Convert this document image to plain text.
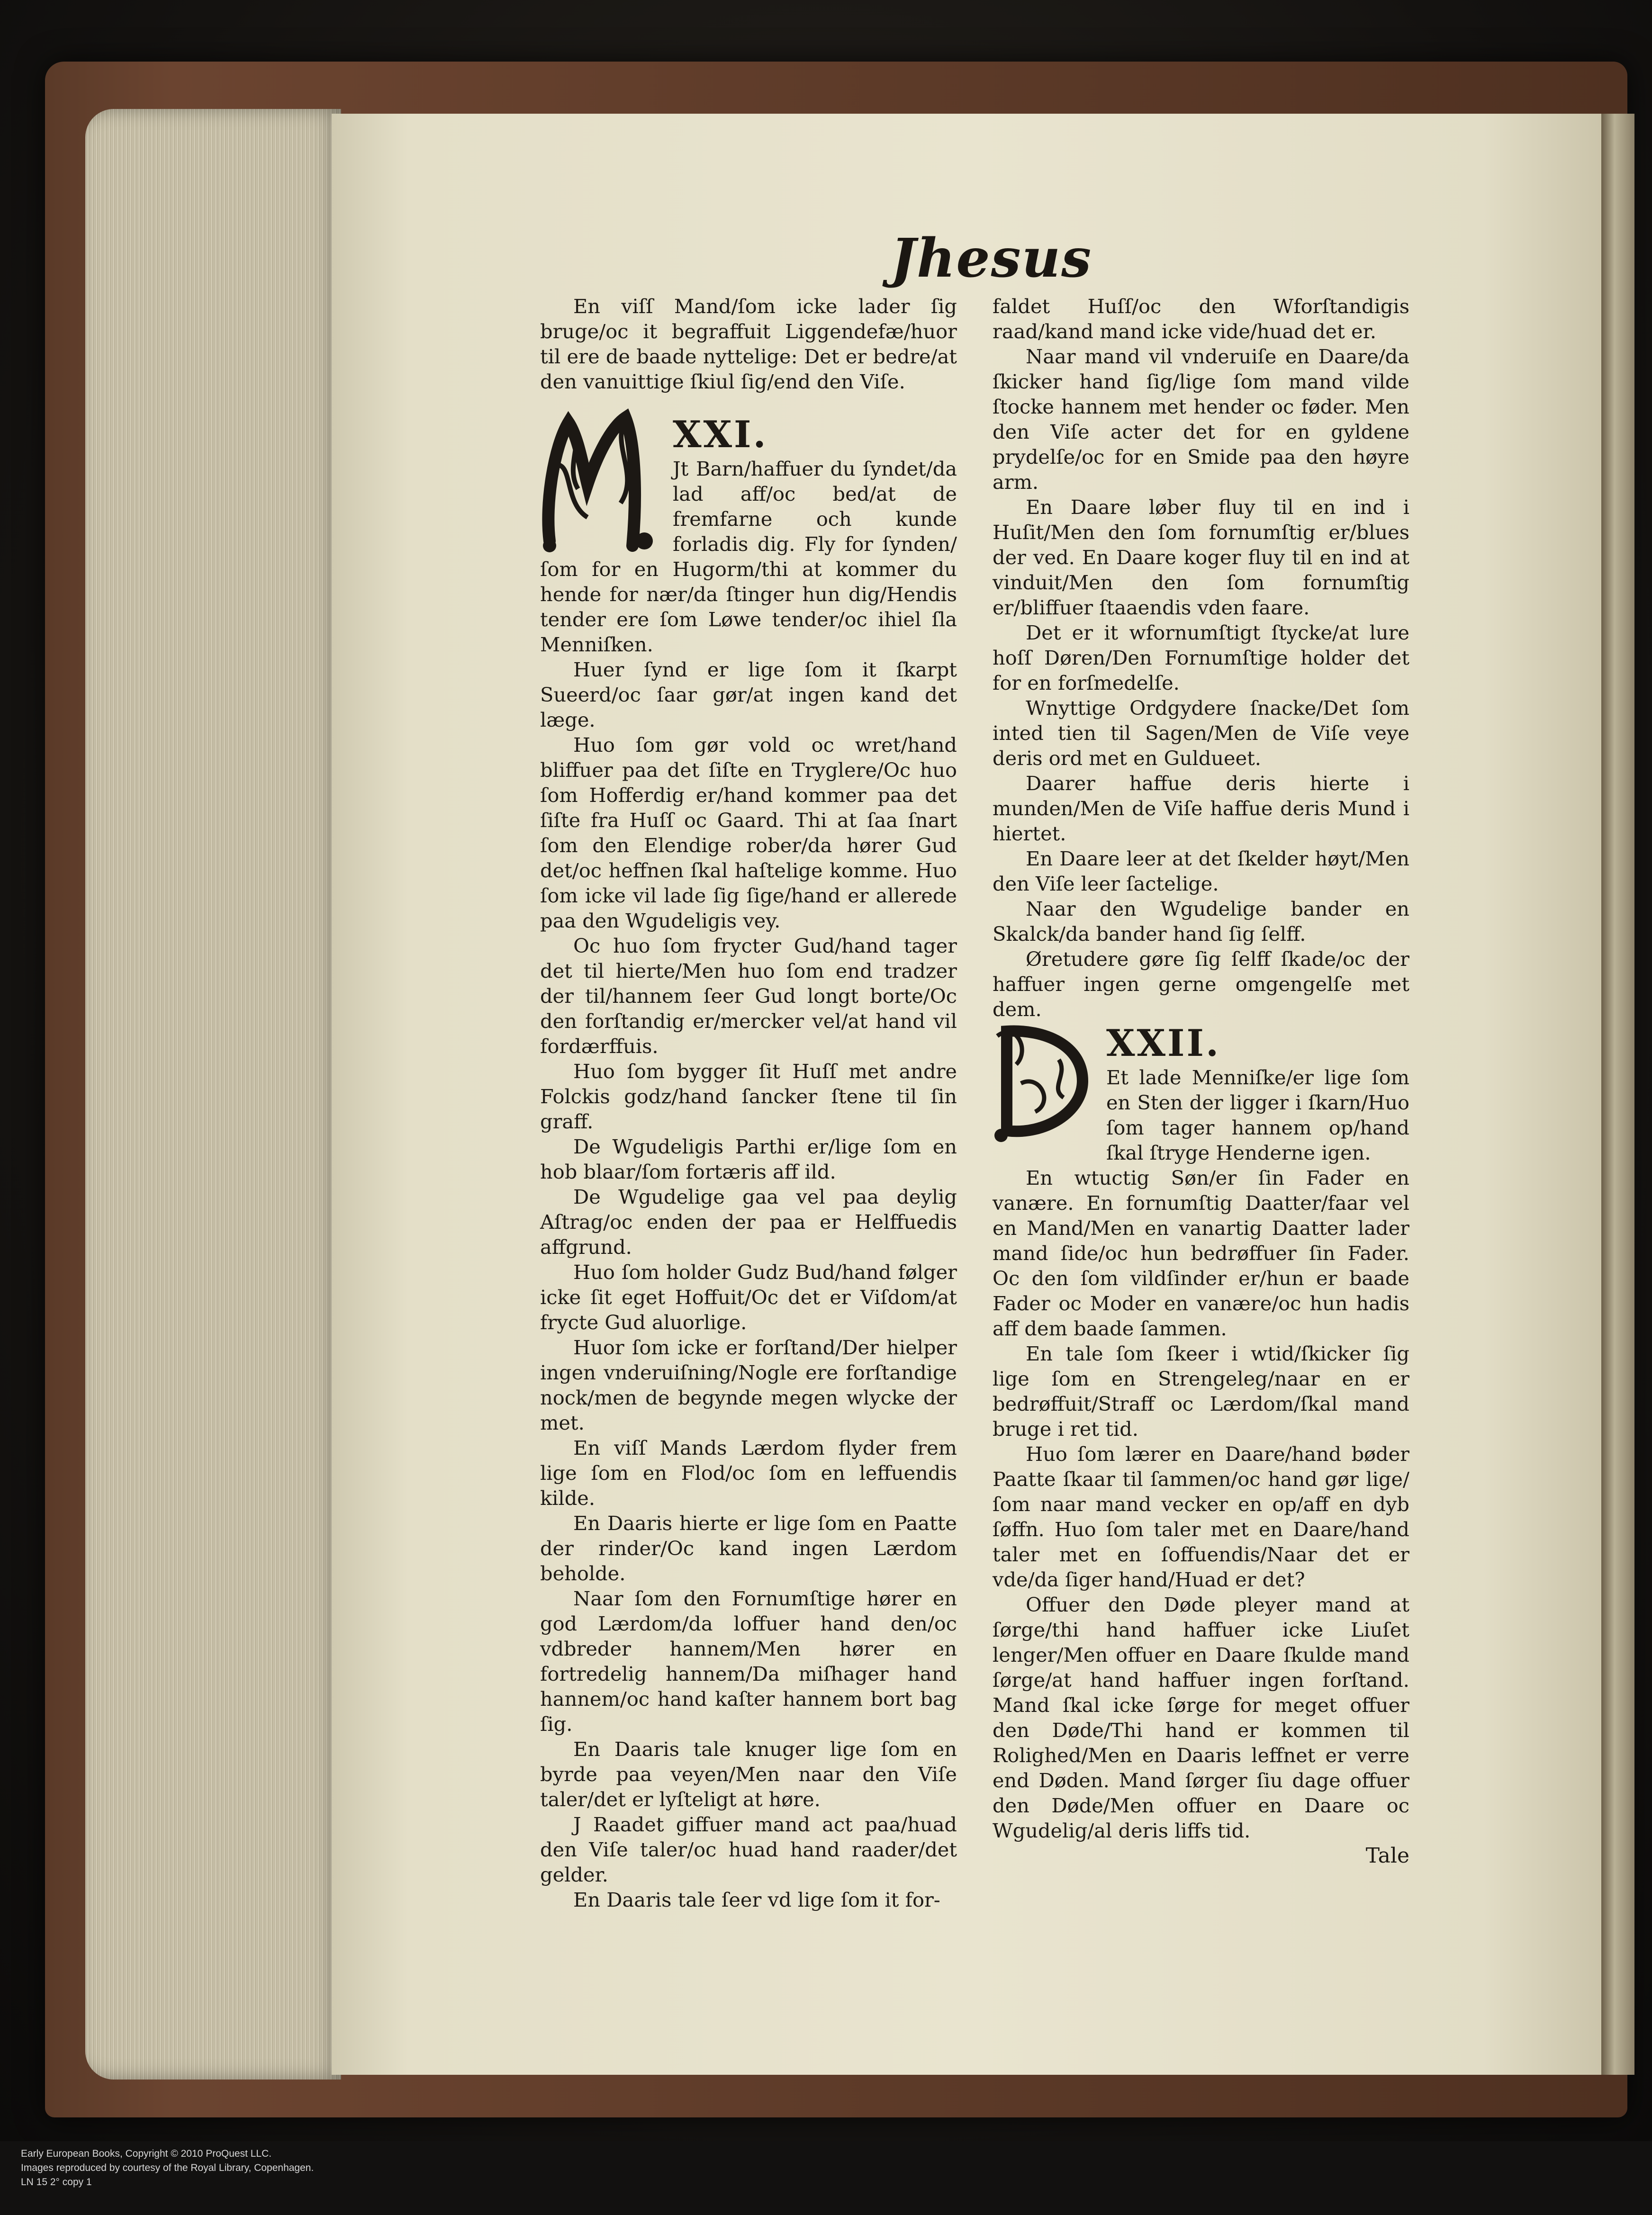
Jhesus

En viſſ Mand/ſom icke lader ſig bruge/oc it begraffuit Liggendefæ/huor til ere de baade nyttelige: Det er bedre/at den vanuittige ſkiul ſig/end den Viſe.

XXI.

Jt Barn/haffuer du ſyndet/da lad aff/oc bed/at de fremfarne och kunde forladis dig. Fly for ſynden/ſom for en Hugorm/thi at kommer du hende for nær/da ſtinger hun dig/Hendis tender ere ſom Løwe tender/oc ihiel ſla Menniſken.

Huer ſynd er lige ſom it ſkarpt Sueerd/oc ſaar gør/at ingen kand det læge.

Huo ſom gør vold oc wret/hand bliffuer paa det ſiſte en Tryglere/Oc huo ſom Hofferdig er/hand kommer paa det ſiſte fra Huſſ oc Gaard. Thi at ſaa ſnart ſom den Elendige rober/da hører Gud det/oc heffnen ſkal haſtelige komme. Huo ſom icke vil lade ſig ſige/hand er allerede paa den Wgudeligis vey.

Oc huo ſom frycter Gud/hand tager det til hierte/Men huo ſom end tradzer der til/hannem ſeer Gud longt borte/Oc den forſtandig er/mercker vel/at hand vil fordærffuis.

Huo ſom bygger ſit Huſſ met andre Folckis godz/hand ſancker ſtene til ſin graff.

De Wgudeligis Parthi er/lige ſom en hob blaar/ſom fortæris aff ild.

De Wgudelige gaa vel paa deylig Aſtrag/oc enden der paa er Helffuedis affgrund.

Huo ſom holder Gudz Bud/hand følger icke ſit eget Hoffuit/Oc det er Viſdom/at frycte Gud aluorlige.

Huor ſom icke er forſtand/Der hielper ingen vnderuiſning/Nogle ere forſtandige nock/men de begynde megen wlycke der met.

En viſſ Mands Lærdom flyder frem lige ſom en Flod/oc ſom en leffuendis kilde.

En Daaris hierte er lige ſom en Paatte der rinder/Oc kand ingen Lærdom beholde.

Naar ſom den Fornumſtige hører en god Lærdom/da loffuer hand den/oc vdbreder hannem/Men hører en fortredelig hannem/Da miſhager hand hannem/oc hand kaſter hannem bort bag ſig.

En Daaris tale knuger lige ſom en byrde paa veyen/Men naar den Viſe taler/det er lyſteligt at høre.

J Raadet giffuer mand act paa/huad den Viſe taler/oc huad hand raader/det gelder.

En Daaris tale ſeer vd lige ſom it for-

faldet Huſſ/oc den Wforſtandigis raad/kand mand icke vide/huad det er.

Naar mand vil vnderuiſe en Daare/da ſkicker hand ſig/lige ſom mand vilde ſtocke hannem met hender oc føder. Men den Viſe acter det for en gyldene prydelſe/oc for en Smide paa den høyre arm.

En Daare løber fluy til en ind i Huſit/Men den ſom fornumſtig er/blues der ved. En Daare koger fluy til en ind at vinduit/Men den ſom fornumſtig er/bliffuer ſtaaendis vden faare.

Det er it wfornumſtigt ſtycke/at lure hoſſ Døren/Den Fornumſtige holder det for en forſmedelſe.

Wnyttige Ordgydere ſnacke/Det ſom inted tien til Sagen/Men de Viſe veye deris ord met en Guldueet.

Daarer haffue deris hierte i munden/Men de Viſe haffue deris Mund i hiertet.

En Daare leer at det ſkelder høyt/Men den Viſe leer ſactelige.

Naar den Wgudelige bander en Skalck/da bander hand ſig ſelff.

Øretudere gøre ſig ſelff ſkade/oc der haffuer ingen gerne omgengelſe met dem.

XXII.

Et lade Menniſke/er lige ſom en Sten der ligger i ſkarn/Huo ſom tager hannem op/hand ſkal ſtryge Henderne igen.

En wtuctig Søn/er ſin Fader en vanære. En fornumſtig Daatter/faar vel en Mand/Men en vanartig Daatter lader mand ſide/oc hun bedrøffuer ſin Fader. Oc den ſom vildſinder er/hun er baade Fader oc Moder en vanære/oc hun hadis aff dem baade ſammen.

En tale ſom ſkeer i wtid/ſkicker ſig lige ſom en Strengeleg/naar en er bedrøffuit/Straff oc Lærdom/ſkal mand bruge i ret tid.

Huo ſom lærer en Daare/hand bøder Paatte ſkaar til ſammen/oc hand gør lige/ſom naar mand vecker en op/aff en dyb ſøffn. Huo ſom taler met en Daare/hand taler met en ſoffuendis/Naar det er vde/da ſiger hand/Huad er det?

Offuer den Døde pleyer mand at ſørge/thi hand haffuer icke Liuſet lenger/Men offuer en Daare ſkulde mand ſørge/at hand haffuer ingen forſtand. Mand ſkal icke ſørge for meget offuer den Døde/Thi hand er kommen til Rolighed/Men en Daaris leffnet er verre end Døden. Mand ſørger ſiu dage offuer den Døde/Men offuer en Daare oc Wgudelig/al deris liffs tid.

Tale

Early European Books, Copyright © 2010 ProQuest LLC.
Images reproduced by courtesy of the Royal Library, Copenhagen.
LN 15 2° copy 1
